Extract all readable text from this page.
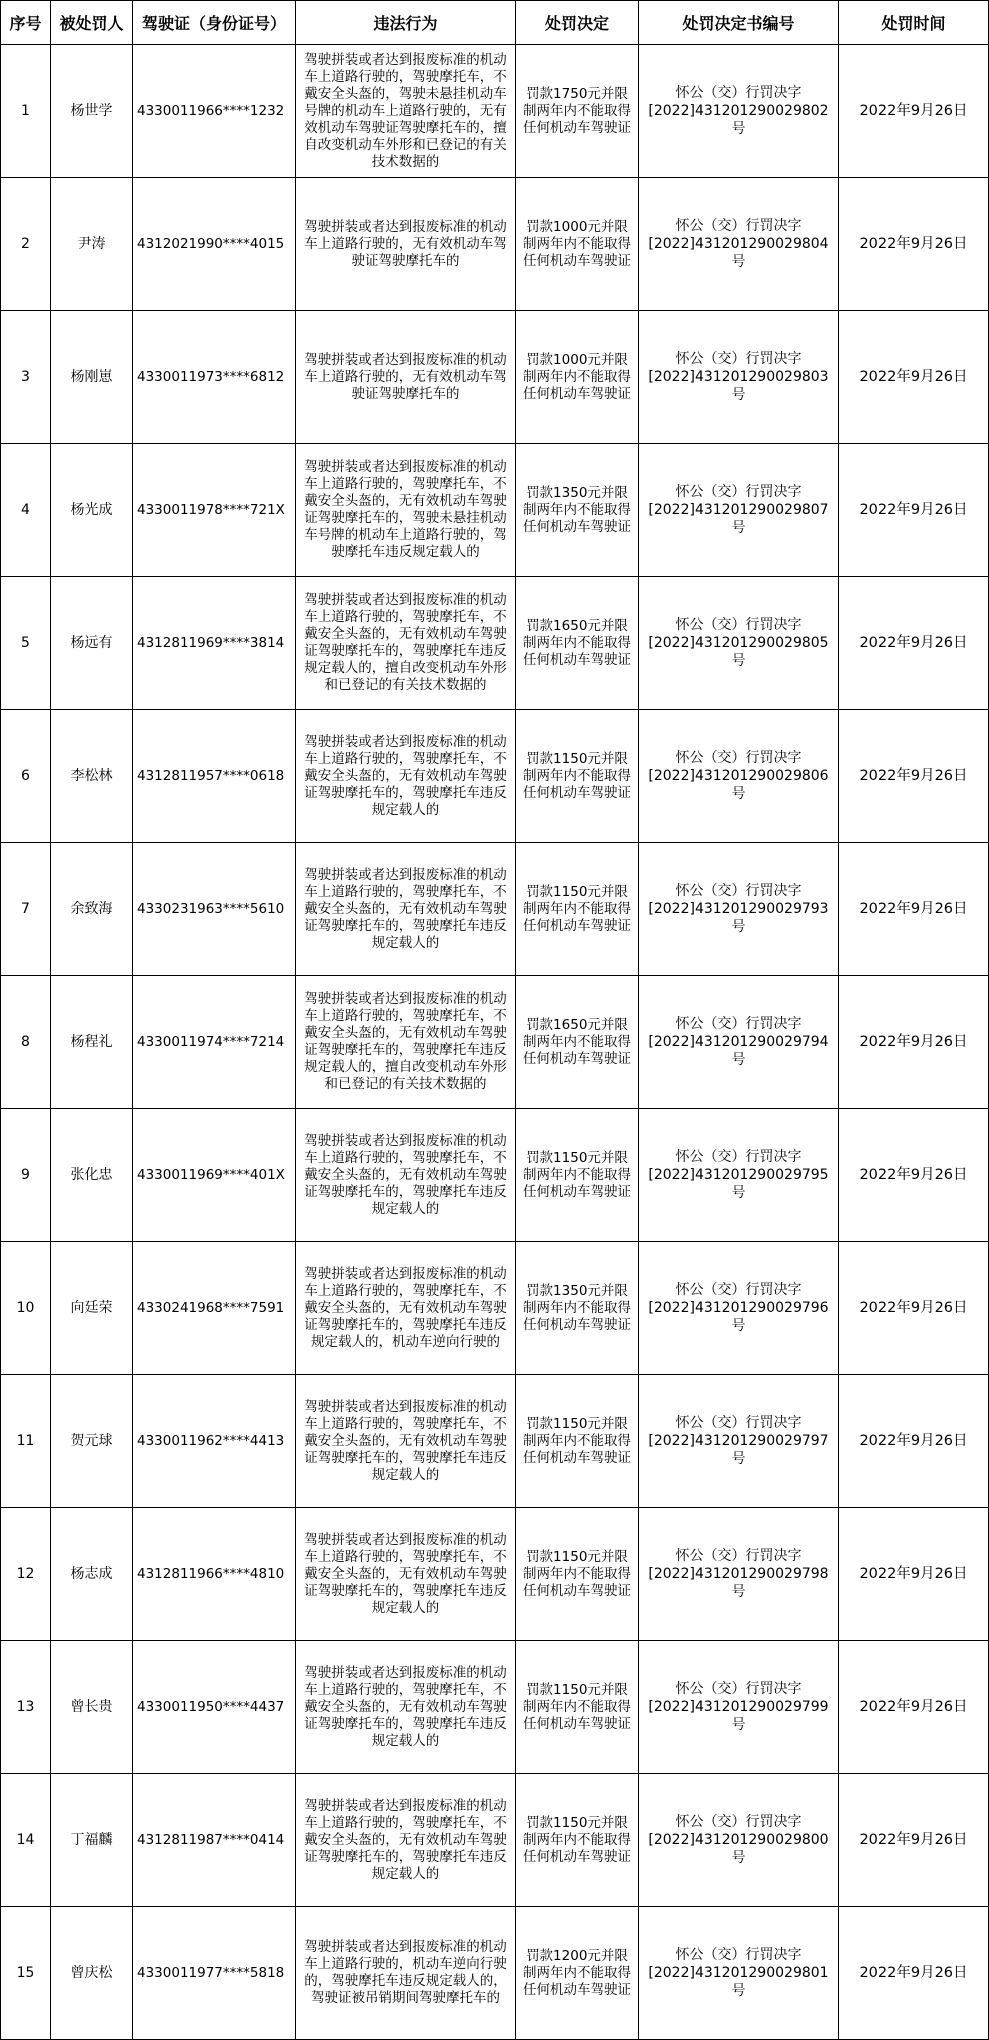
序号	被处罚人	驾驶证（身份证号）	违法行为	处罚决定	处罚决定书编号	处罚时间
1	杨世学	4330011966****1232	驾驶拼装或者达到报废标准的机动车上道路行驶的，驾驶摩托车，不戴安全头盔的，驾驶未悬挂机动车号牌的机动车上道路行驶的，无有效机动车驾驶证驾驶摩托车的，擅自改变机动车外形和已登记的有关技术数据的	罚款1750元并限制两年内不能取得任何机动车驾驶证	怀公（交）行罚决字
[2022]431201290029802号	2022年9月26日
2	尹涛	4312021990****4015	驾驶拼装或者达到报废标准的机动车上道路行驶的，无有效机动车驾驶证驾驶摩托车的	罚款1000元并限制两年内不能取得任何机动车驾驶证	怀公（交）行罚决字
[2022]431201290029804号	2022年9月26日
3	杨刚崽	4330011973****6812	驾驶拼装或者达到报废标准的机动车上道路行驶的，无有效机动车驾驶证驾驶摩托车的	罚款1000元并限制两年内不能取得任何机动车驾驶证	怀公（交）行罚决字
[2022]431201290029803号	2022年9月26日
4	杨光成	4330011978****721X	驾驶拼装或者达到报废标准的机动车上道路行驶的，驾驶摩托车，不戴安全头盔的，无有效机动车驾驶证驾驶摩托车的，驾驶未悬挂机动车号牌的机动车上道路行驶的，驾驶摩托车违反规定载人的	罚款1350元并限制两年内不能取得任何机动车驾驶证	怀公（交）行罚决字
[2022]431201290029807号	2022年9月26日
5	杨远有	4312811969****3814	驾驶拼装或者达到报废标准的机动车上道路行驶的，驾驶摩托车，不戴安全头盔的，无有效机动车驾驶证驾驶摩托车的，驾驶摩托车违反规定载人的，擅自改变机动车外形和已登记的有关技术数据的	罚款1650元并限制两年内不能取得任何机动车驾驶证	怀公（交）行罚决字
[2022]431201290029805号	2022年9月26日
6	李松林	4312811957****0618	驾驶拼装或者达到报废标准的机动车上道路行驶的，驾驶摩托车，不戴安全头盔的，无有效机动车驾驶证驾驶摩托车的，驾驶摩托车违反规定载人的	罚款1150元并限制两年内不能取得任何机动车驾驶证	怀公（交）行罚决字
[2022]431201290029806号	2022年9月26日
7	余致海	4330231963****5610	驾驶拼装或者达到报废标准的机动车上道路行驶的，驾驶摩托车，不戴安全头盔的，无有效机动车驾驶证驾驶摩托车的，驾驶摩托车违反规定载人的	罚款1150元并限制两年内不能取得任何机动车驾驶证	怀公（交）行罚决字
[2022]431201290029793号	2022年9月26日
8	杨程礼	4330011974****7214	驾驶拼装或者达到报废标准的机动车上道路行驶的，驾驶摩托车，不戴安全头盔的，无有效机动车驾驶证驾驶摩托车的，驾驶摩托车违反规定载人的，擅自改变机动车外形和已登记的有关技术数据的	罚款1650元并限制两年内不能取得任何机动车驾驶证	怀公（交）行罚决字
[2022]431201290029794号	2022年9月26日
9	张化忠	4330011969****401X	驾驶拼装或者达到报废标准的机动车上道路行驶的，驾驶摩托车，不戴安全头盔的，无有效机动车驾驶证驾驶摩托车的，驾驶摩托车违反规定载人的	罚款1150元并限制两年内不能取得任何机动车驾驶证	怀公（交）行罚决字
[2022]431201290029795号	2022年9月26日
10	向廷荣	4330241968****7591	驾驶拼装或者达到报废标准的机动车上道路行驶的，驾驶摩托车，不戴安全头盔的，无有效机动车驾驶证驾驶摩托车的，驾驶摩托车违反规定载人的，机动车逆向行驶的	罚款1350元并限制两年内不能取得任何机动车驾驶证	怀公（交）行罚决字
[2022]431201290029796号	2022年9月26日
11	贺元球	4330011962****4413	驾驶拼装或者达到报废标准的机动车上道路行驶的，驾驶摩托车，不戴安全头盔的，无有效机动车驾驶证驾驶摩托车的，驾驶摩托车违反规定载人的	罚款1150元并限制两年内不能取得任何机动车驾驶证	怀公（交）行罚决字
[2022]431201290029797号	2022年9月26日
12	杨志成	4312811966****4810	驾驶拼装或者达到报废标准的机动车上道路行驶的，驾驶摩托车，不戴安全头盔的，无有效机动车驾驶证驾驶摩托车的，驾驶摩托车违反规定载人的	罚款1150元并限制两年内不能取得任何机动车驾驶证	怀公（交）行罚决字
[2022]431201290029798号	2022年9月26日
13	曾长贵	4330011950****4437	驾驶拼装或者达到报废标准的机动车上道路行驶的，驾驶摩托车，不戴安全头盔的，无有效机动车驾驶证驾驶摩托车的，驾驶摩托车违反规定载人的	罚款1150元并限制两年内不能取得任何机动车驾驶证	怀公（交）行罚决字
[2022]431201290029799号	2022年9月26日
14	丁福麟	4312811987****0414	驾驶拼装或者达到报废标准的机动车上道路行驶的，驾驶摩托车，不戴安全头盔的，无有效机动车驾驶证驾驶摩托车的，驾驶摩托车违反规定载人的	罚款1150元并限制两年内不能取得任何机动车驾驶证	怀公（交）行罚决字
[2022]431201290029800号	2022年9月26日
15	曾庆松	4330011977****5818	驾驶拼装或者达到报废标准的机动车上道路行驶的，机动车逆向行驶的，驾驶摩托车违反规定载人的，驾驶证被吊销期间驾驶摩托车的	罚款1200元并限制两年内不能取得任何机动车驾驶证	怀公（交）行罚决字
[2022]431201290029801号	2022年9月26日
